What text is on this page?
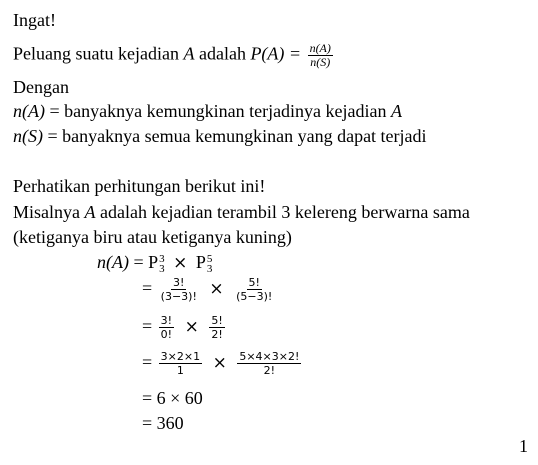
Ingat!
Peluang suatu kejadian A adalah $P(A) = \frac{n(A)}{n(S)}$
Dengan
n(A) = banyaknya kemungkinan terjadinya kejadian A
n(S) = banyaknya semua kemungkinan yang dapat terjadi
Perhatikan perhitungan berikut ini!
Misalnya A adalah kejadian terambil 3 kelereng berwarna sama
(ketiganya biru atau ketiganya kuning)
n(A) = P 3
3 × P 5
3
= $\frac{3!}{(3-3)!} \times \frac{5!}{(5-3)!}$
= $\frac{3!}{0!} \times \frac{5!}{2!}$
= $\frac{3\times 2\times 1}{1} \times \frac{5\times 4\times 3\times 2!}{2!}$
= 6 × 60
= 360
1
